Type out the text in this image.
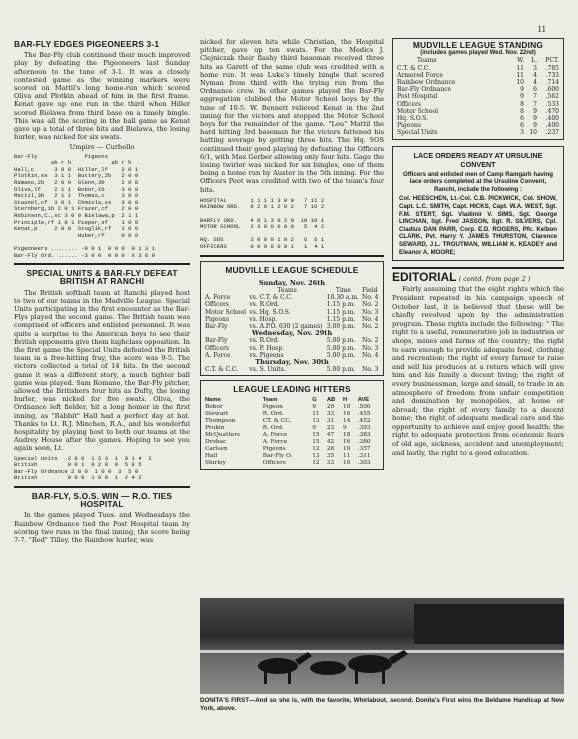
11
BAR-FLY EDGES PIGEONEERS 3-1

The Bar-Fly club continued their much improved play by defeating the Pigeoneers last Sunday afternoon to the tune of 3-1. It was a closely contested game as the winning markers were scored on Mattil's long home-run which scored Oliva and Plotkin ahead of him in the first frame. Kenat gave up one run in the third when Hiller scored Bielawa from third base on a timely bingle. This was all the scoring in the ball game as Kenat gave up a total of three hits and Bielawa, the losing hurler, was nicked for six swats.

Umpire — Curbello
Bar-Fly              Pigeons
ab r h            ab r h
Hall,c      3 0 0  Hiller,lf    2 0 1
Plotkin,ss  3 1 1  Buttery,2b   2 0 0
Ramano,2b   2 0 0  Glenn,3b     2 0 0
Oliva,lf    2 1 1  Bobor,1b     3 0 0
Mattil,3b   2 1 1  Thomas,c     3 0 0
Staunel,cf  3 0 1  Chmiola,ss   3 0 0
Sternberg,1b 2 0 1 Frazer,cf    2 0 0
Robinson,C.,sc 3 0 0 Bielawa,p  2 1 1
Principle,rf 1 0 1 Pieper,sf    1 0 0
Kenat,p     2 0 0  Stuglik,rf   1 0 0
Huber,rf     0 0 0

Pigeoneers ........ -0 0 1  0 0 0  0 1 3 1
Bar-Fly Ord. ...... -3 0 0  0 0 0  X 3 6 0
SPECIAL UNITS & BAR-FLY DEFEAT BRITISH AT RANCHI

The British softball team at Ranchi played host to two of our teams in the Mudville League. Special Units participating in the first encounter as the Bar-Flys played the second game. The British team was comprised of officers and enlisted personnel. It was quite a surprise to the American boys to see their British opponents give them highclass opposition. In the first game the Special Units defeated the British team in a free-hitting fray, the score was 9-5. The victors collected a total of 14 hits. In the second game it was a different story, a much tighter ball game was played. Sam Romano, the Bar-Fly pitcher, allowed the Britishers four hits as Dufty, the losing hurler, was nicked for five swats. Oliva, the Ordnance left fielder, hit a long homer in the first inning, as "Rabbit" Hall had a perfect day at bat. Thanks to Lt. R.J. Minchen, R.A., and his wonderful hospitality by playing host to both our teams at the Audrey House after the games. Hoping to see you again soon, Lt.

Special Units   2 0 0  1 2 3  1  9 1 4  2
British         0 0 1  0 2 0  0  5 8 5
Bar-Fly Ordnance 2 0 0  1 0 0  3  5 0
British         0 0 0  1 0 0  1  2 4 2
BAR-FLY, S.O.S. WIN — R.O. TIES HOSPITAL

In the games played Tues. and Wednesdays the Rainbow Ordnance tied the Post Hospital team by scoring two runs in the final inning, the score being 7-7. "Red" Tilley, the Rainbow hurler, was

nicked for eleven hits while Christian, the Hospital pitcher, gave up ten swats. For the Medics J. Clejniczak their flashy third baseman received three hits as Garett of the same club was credited with a home run. It was Luke's timely bingle that scored Nyman from third with the trying run from the Ordnance crew. In other games played the Bar-Fly aggregation clubbed the Motor School boys by the tune of 10-5. W. Bennett relieved Kenat in the 2nd inning for the victors and stopped the Motor School boys for the remainder of the game. "Lou" Mattil the hard hitting 3rd baseman for the victors fattened his batting average by getting three hits. The Hq. SOS continued their good playing by defeating the Officers 6/1, with Max Gerber allowing only four hits. Gage the losing twirler was nicked for six bingles, one of them being a home run by Auster in the 5th inning. For the Officers Peot was credited with two of the team's four hits.

HOSPITAL       1 1 1 1 3 0 0   7 11 2
RAINBOW ORD.   0 2 0 1 2 0 2   7 10 2

BARFLY ORD.    4 0 1 3 0 2 0  10 10 1
MOTOR SCHOOL   2 3 0 0 0 0 0   5  4 2

HQ. SOS        3 0 0 0 1 0 2   6  6 1
OFFICERS       0 0 0 0 0 0 1   1  4 1
MUDVILLE LEAGUE SCHEDULE
Sunday, Nov. 26th
	Teams	Time	Field
A. Force	vs. C.T. & C.C.	10.30 a.m.	No. 4
Officers	vs. R.Ord.	1.15 p.m.	No. 2
Motor School	vs. Hq. S.O.S.	1.15 p.m.	No. 3
Pigeons	vs. Hosp.	1.15 p.m.	No. 4
Bar-Fly	vs. A.P.O. 630 (2 games)	3.00 p.m.	No. 2
Wednesday, Nov. 29th			
Bar-Fly	vs. R.Ord.	5.00 p.m.	No. 2
Officers	vs. P. Hosp.	5.00 p.m.	No. 3
A. Force	vs. Pigeons	5.00 p.m.	No. 4
Thursday, Nov. 30th			
C.T. & C.C.	vs. S. Units.	5.00 p.m.	No. 3
LEAGUE LEADING HITTERS
Name	Team	G	AB	H	AVE
Bobor	Pigeon	9	20	10	.500
Stewart	R. Ord.	11	33	16	.455
Thompson	CT. & CC.	13	31	14	.452
Prukin	R. Ord.	9	23	9	.393
McQuatters	A. Force	15	47	18	.383
Drobac	A. Force	15	42	16	.380
Carlsen	Pigeons	12	28	10	.357
Hall	Bar-Fly O.	13	35	11	.311
Shirley	Officers	12	33	10	.303
MUDVILLE LEAGUE STANDING
(includes games played Wed. Nov. 22nd)
Teams	W.	L.	PCT.
C.T. & C.C.	11	3	.785
Armored Force	11	4	.733
Rainbow Ordnance	10	4	.714
Bar-Fly Ordnance	9	6	.600
Post Hospital	9	7	.562
Officers	8	7	.533
Motor School	8	9	.470
Hq. S.O.S.	6	9	.400
Pigeons	6	9	.400
Special Units	3	10	.237
LACE ORDERS READY AT URSULINE CONVENT
Officers and enlisted men of Camp Ramgarh having lace orders completed at the Ursuline Convent, Ranchi, include the following :
Col. HEESCHEN, Lt.-Col. C.B. PICKWICK, Col. SHOW, Capt. L.C. SMITH, Capt. HICKS, Capt. W.A. WEST, Sgt. F.M. STERT, Sgt. Vladimir V. SIMS, Sgt. George LINCHAN, Sgt. Fred JASSON, Sgt. R. SILVERS, Cpl. Cladius DAN PARR, Corp. E.D. ROGERS, Pfc. Kelbon CLARK, Pvt. Harry Y. JAMES THURSTON, Clarence SEWARD, J.L. TROUTMAN, WILLIAM K. KEADEY and Eleanor A. MOORE;
EDITORIAL ( contd. from page 2 )

Fairly assuming that the eight rights which the President repeated in his campaign speech of October last, it is believed that these will be chiefly revolved upon by the administration program. These rights include the following: " The right to a useful, remunerative job in industries or shops, mines and farms of the country; the right to earn enough to provide adequate food, clothing and recreation; the right of every farmer to raise and sell his produces at a return which will give him and his family a decent living; the right of every businessman, large and small, to trade in an atmosphere of freedom from unfair competition and domination by monopolies, at home or abroad; the right of every family to a decent home; the right of adequate medical care and the opportunity to achieve and enjoy good health; the right to adequate protection from economic fears of old age, sickness, accident and unemployment; and lastly, the right to a good education.

DONITA'S FIRST—And so she is, with the favorite, Whirlabout, second. Donita's First wins the Beldame Handicap at New York, above.
